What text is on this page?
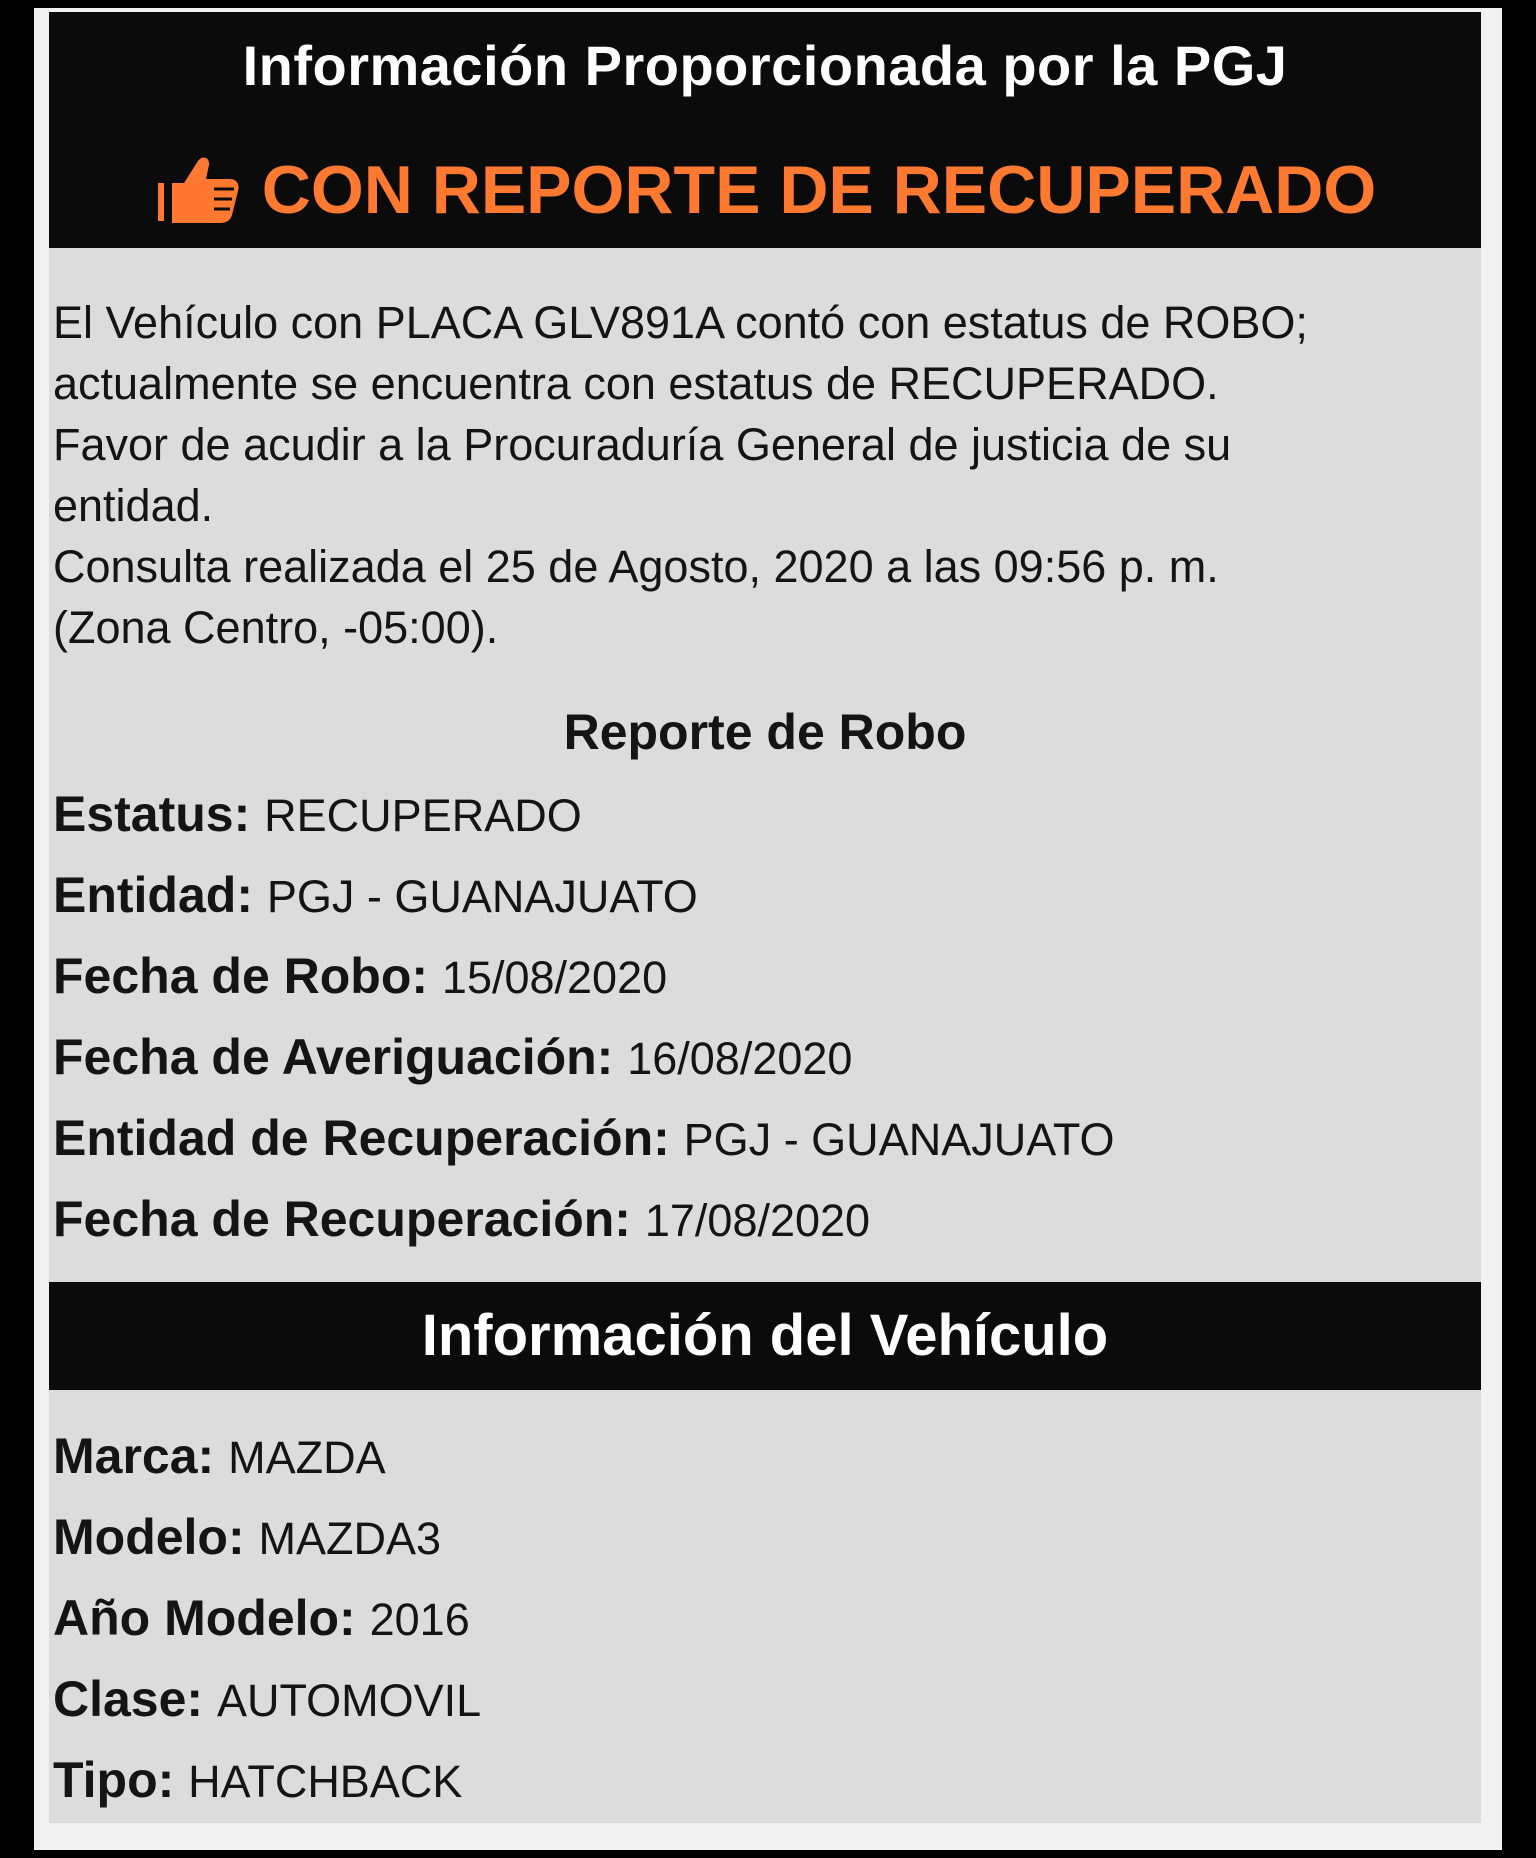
Información Proporcionada por la PGJ
CON REPORTE DE RECUPERADO

El Vehículo con PLACA GLV891A contó con estatus de ROBO;

actualmente se encuentra con estatus de RECUPERADO.

Favor de acudir a la Procuraduría General de justicia de su

entidad.

Consulta realizada el 25 de Agosto, 2020 a las 09:56 p. m.

(Zona Centro, -05:00).

Reporte de Robo
Estatus: RECUPERADO
Entidad: PGJ - GUANAJUATO
Fecha de Robo: 15/08/2020
Fecha de Averiguación: 16/08/2020
Entidad de Recuperación: PGJ - GUANAJUATO
Fecha de Recuperación: 17/08/2020
Información del Vehículo
Marca: MAZDA
Modelo: MAZDA3
Año Modelo: 2016
Clase: AUTOMOVIL
Tipo: HATCHBACK
